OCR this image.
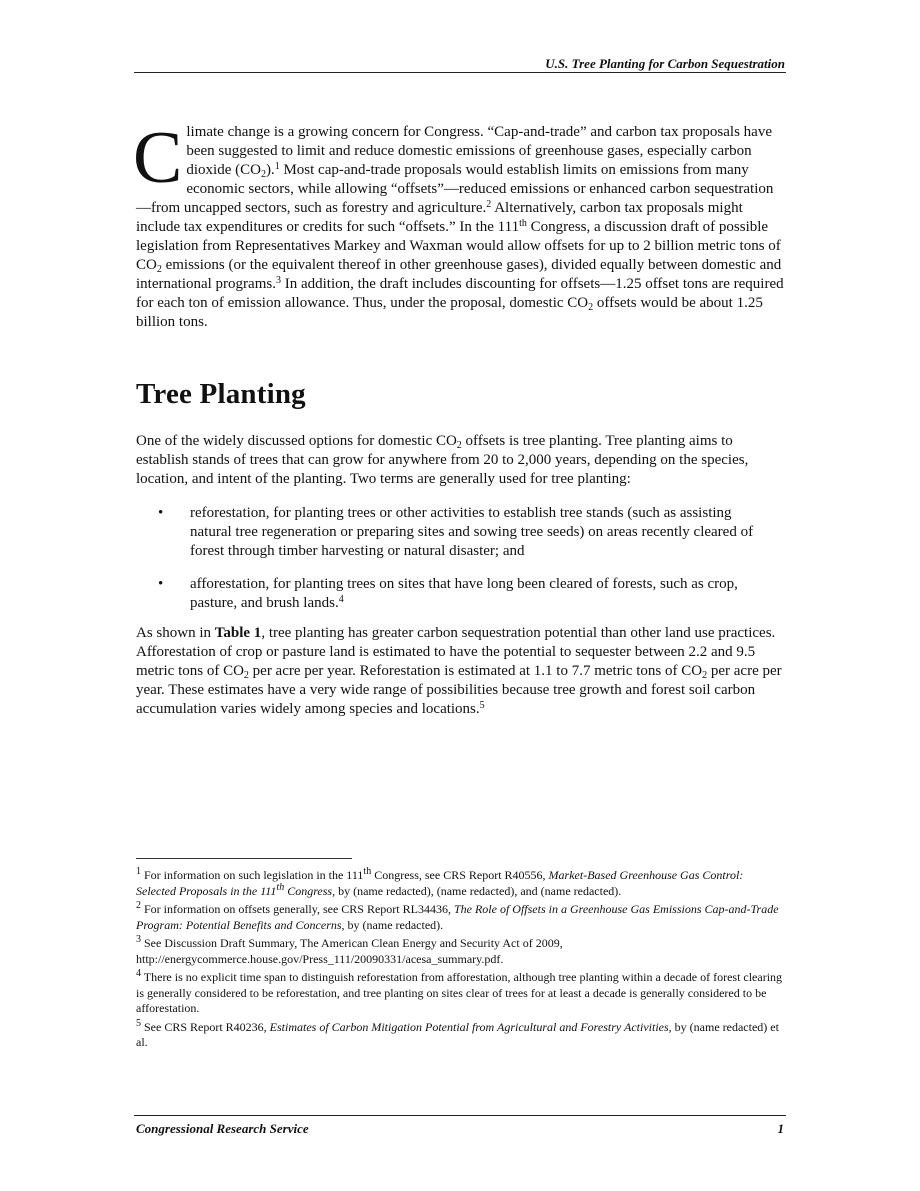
U.S. Tree Planting for Carbon Sequestration

Climate change is a growing concern for Congress. “Cap-and-trade” and carbon tax proposals have been suggested to limit and reduce domestic emissions of greenhouse gases, especially carbon dioxide $(CO_2).^1$ Most cap-and-trade proposals would establish limits on emissions from many economic sectors, while allowing “offsets”—reduced emissions or enhanced carbon sequestration—from uncapped sectors, such as forestry and agriculture.$^2$ Alternatively, carbon tax proposals might include tax expenditures or credits for such “offsets.” In the 111th Congress, a discussion draft of possible legislation from Representatives Markey and Waxman would allow offsets for up to 2 billion metric tons of $CO_2$ emissions (or the equivalent thereof in other greenhouse gases), divided equally between domestic and international programs.$^3$ In addition, the draft includes discounting for offsets—1.25 offset tons are required for each ton of emission allowance. Thus, under the proposal, domestic $CO_2$ offsets would be about 1.25 billion tons.

Tree Planting

One of the widely discussed options for domestic $CO_2$ offsets is tree planting. Tree planting aims to establish stands of trees that can grow for anywhere from 20 to 2,000 years, depending on the species, location, and intent of the planting. Two terms are generally used for tree planting:

• reforestation, for planting trees or other activities to establish tree stands (such as assisting natural tree regeneration or preparing sites and sowing tree seeds) on areas recently cleared of forest through timber harvesting or natural disaster; and
• afforestation, for planting trees on sites that have long been cleared of forests, such as crop, pasture, and brush lands.$^4$

As shown in Table 1, tree planting has greater carbon sequestration potential than other land use practices. Afforestation of crop or pasture land is estimated to have the potential to sequester between 2.2 and 9.5 metric tons of $CO_2$ per acre per year. Reforestation is estimated at 1.1 to 7.7 metric tons of $CO_2$ per acre per year. These estimates have a very wide range of possibilities because tree growth and forest soil carbon accumulation varies widely among species and locations.$^5$

$^1$ For information on such legislation in the 111th Congress, see CRS Report R40556, Market-Based Greenhouse Gas Control: Selected Proposals in the 111th Congress, by (name redacted), (name redacted), and (name redacted).
$^2$ For information on offsets generally, see CRS Report RL34436, The Role of Offsets in a Greenhouse Gas Emissions Cap-and-Trade Program: Potential Benefits and Concerns, by (name redacted).
$^3$ See Discussion Draft Summary, The American Clean Energy and Security Act of 2009,
http://energycommerce.house.gov/Press_111/20090331/acesa_summary.pdf.
$^4$ There is no explicit time span to distinguish reforestation from afforestation, although tree planting within a decade of forest clearing is generally considered to be reforestation, and tree planting on sites clear of trees for at least a decade is generally considered to be afforestation.
$^5$ See CRS Report R40236, Estimates of Carbon Mitigation Potential from Agricultural and Forestry Activities, by (name redacted) et al.
Congressional Research Service	1
